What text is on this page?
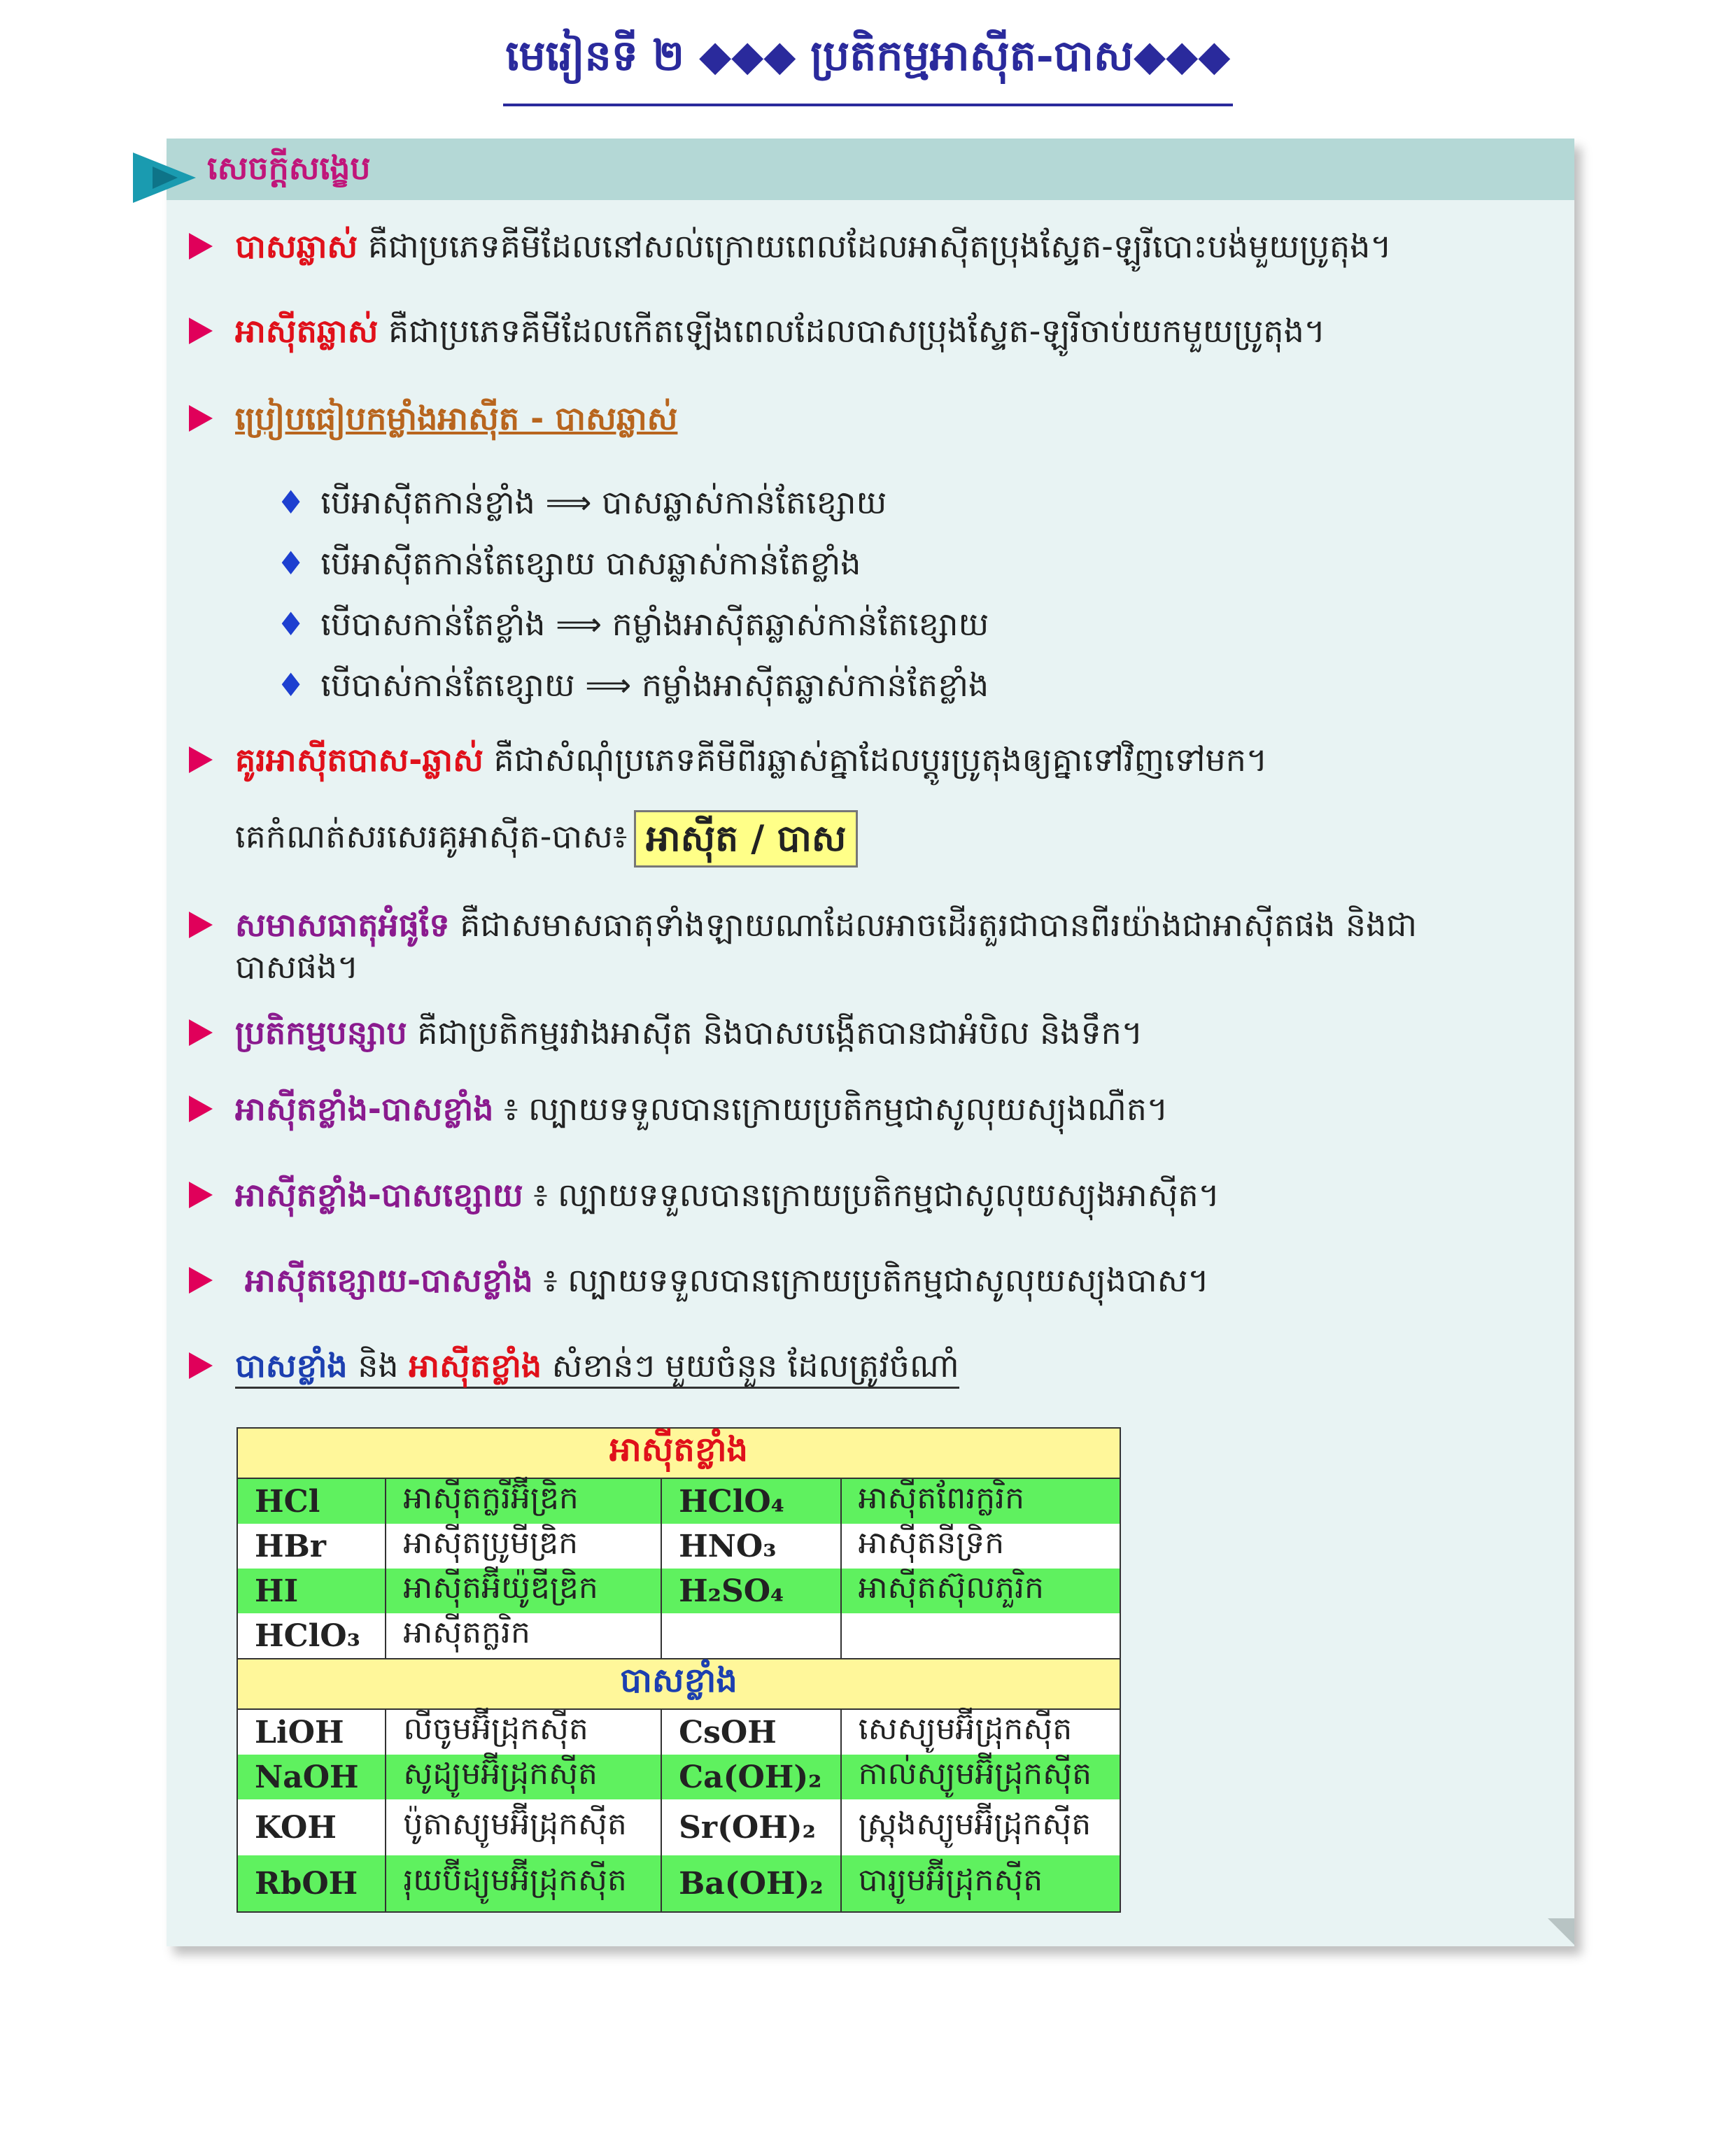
មេរៀនទី ២ ◆◆◆ ប្រតិកម្មអាស៊ីត-បាស◆◆◆
សេចក្តីសង្ខេប
បាសឆ្លាស់ គឺជាប្រភេទគីមីដែលនៅសល់ក្រោយពេលដែលអាស៊ីតប្រុងស្ទែត-ឡូរីបោះបង់មួយប្រូតុង។
អាស៊ីតឆ្លាស់ គឺជាប្រភេទគីមីដែលកើតឡើងពេលដែលបាសប្រុងស្ទែត-ឡូរីចាប់យកមួយប្រូតុង។
ប្រៀបធៀបកម្លាំងអាស៊ីត - បាសឆ្លាស់
♦ បើអាស៊ីតកាន់ខ្លាំង ⟹ បាសឆ្លាស់កាន់តែខ្សោយ
♦ បើអាស៊ីតកាន់តែខ្សោយ បាសឆ្លាស់កាន់តែខ្លាំង
♦ បើបាសកាន់តែខ្លាំង ⟹ កម្លាំងអាស៊ីតឆ្លាស់កាន់តែខ្សោយ
♦ បើបាស់កាន់តែខ្សោយ ⟹ កម្លាំងអាស៊ីតឆ្លាស់កាន់តែខ្លាំង
គូរអាស៊ីតបាស-ឆ្លាស់ គឺជាសំណុំប្រភេទគីមីពីរឆ្លាស់គ្នាដែលប្តូរប្រូតុងឲ្យគ្នាទៅវិញទៅមក។
គេកំណត់សរសេរគូអាស៊ីត-បាស៖ អាស៊ីត / បាស
សមាសធាតុអំផូទែ គឺជាសមាសធាតុទាំងឡាយណាដែលអាចដើរតួរជាបានពីរយ៉ាងជាអាស៊ីតផង និងជា
បាសផង។
ប្រតិកម្មបន្សាប គឺជាប្រតិកម្មរវាងអាស៊ីត និងបាសបង្កើតបានជាអំបិល និងទឹក។
អាស៊ីតខ្លាំង-បាសខ្លាំង ៖ ល្បាយទទួលបានក្រោយប្រតិកម្មជាសូលុយស្យុងណឺត។
អាស៊ីតខ្លាំង-បាសខ្សោយ ៖ ល្បាយទទួលបានក្រោយប្រតិកម្មជាសូលុយស្យុងអាស៊ីត។
អាស៊ីតខ្សោយ-បាសខ្លាំង ៖ ល្បាយទទួលបានក្រោយប្រតិកម្មជាសូលុយស្យុងបាស។
បាសខ្លាំង និង អាស៊ីតខ្លាំង សំខាន់ៗ មួយចំនួន ដែលត្រូវចំណាំ
អាស៊ីតខ្លាំង			
HCl	អាស៊ីតក្លរីអ៊ីឌ្រិក	HClO₄	អាស៊ីតពែរក្លរិក
HBr	អាស៊ីតប្រូមីឌ្រិក	HNO₃	អាស៊ីតនីទ្រិក
HI	អាស៊ីតអ៊ីយ៉ូឌីឌ្រិក	H₂SO₄	អាស៊ីតស៊ុលភួរិក
HClO₃	អាស៊ីតក្លរិក		
បាសខ្លាំង			
LiOH	លីចូមអ៊ីដ្រុកស៊ីត	CsOH	សេស្យូមអ៊ីដ្រុកស៊ីត
NaOH	សូដ្យូមអ៊ីដ្រុកស៊ីត	Ca(OH)₂	កាល់ស្យូមអ៊ីដ្រុកស៊ីត
KOH	ប៉ូតាស្យូមអ៊ីដ្រុកស៊ីត	Sr(OH)₂	ស្រ្តុងស្យូមអ៊ីដ្រុកស៊ីត
RbOH	រុយប៊ីដ្យូមអ៊ីដ្រុកស៊ីត	Ba(OH)₂	បារ្យូមអ៊ីដ្រុកស៊ីត
